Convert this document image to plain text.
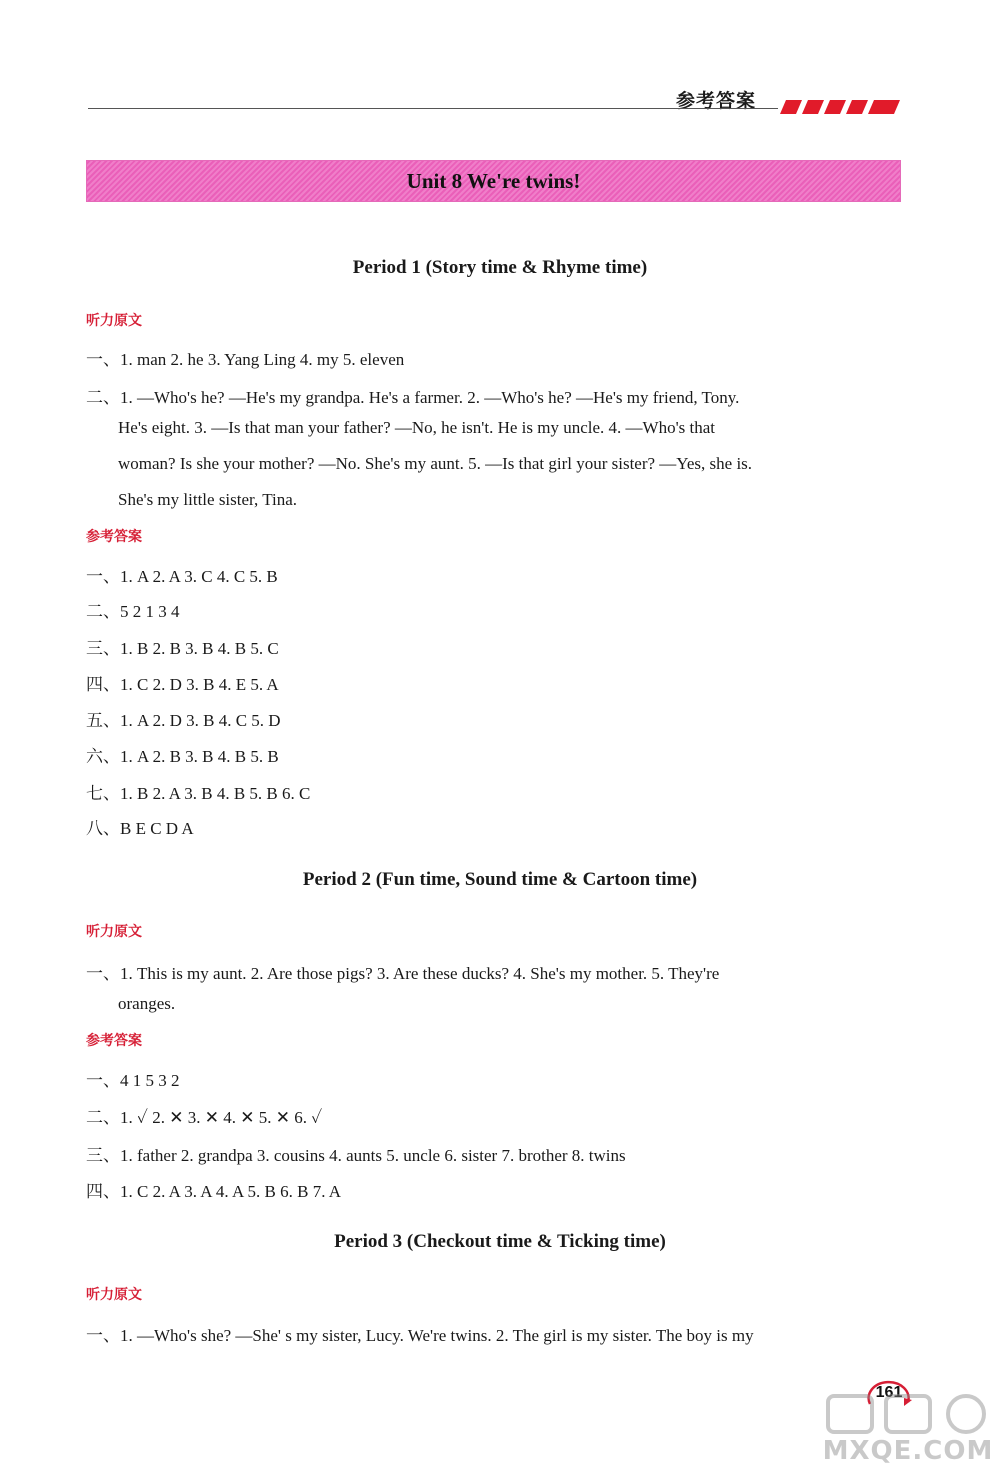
参考答案
Unit 8 We're twins!
Period 1 (Story time & Rhyme time)
听力原文
一、1. man 2. he 3. Yang Ling 4. my 5. eleven
二、1. —Who's he? —He's my grandpa. He's a farmer. 2. —Who's he? —He's my friend, Tony.
He's eight. 3. —Is that man your father? —No, he isn't. He is my uncle. 4. —Who's that
woman? Is she your mother? —No. She's my aunt. 5. —Is that girl your sister? —Yes, she is.
She's my little sister, Tina.
参考答案
一、1. A 2. A 3. C 4. C 5. B
二、5 2 1 3 4
三、1. B 2. B 3. B 4. B 5. C
四、1. C 2. D 3. B 4. E 5. A
五、1. A 2. D 3. B 4. C 5. D
六、1. A 2. B 3. B 4. B 5. B
七、1. B 2. A 3. B 4. B 5. B 6. C
八、B E C D A
Period 2 (Fun time, Sound time & Cartoon time)
听力原文
一、1. This is my aunt. 2. Are those pigs? 3. Are these ducks? 4. She's my mother. 5. They're
oranges.
参考答案
一、4 1 5 3 2
二、1. ✓ 2. ✕ 3. ✕ 4. ✕ 5. ✕ 6. ✓
三、1. father 2. grandpa 3. cousins 4. aunts 5. uncle 6. sister 7. brother 8. twins
四、1. C 2. A 3. A 4. A 5. B 6. B 7. A
Period 3 (Checkout time & Ticking time)
听力原文
一、1. —Who's she? —She' s my sister, Lucy. We're twins. 2. The girl is my sister. The boy is my
161
MXQE.COM
